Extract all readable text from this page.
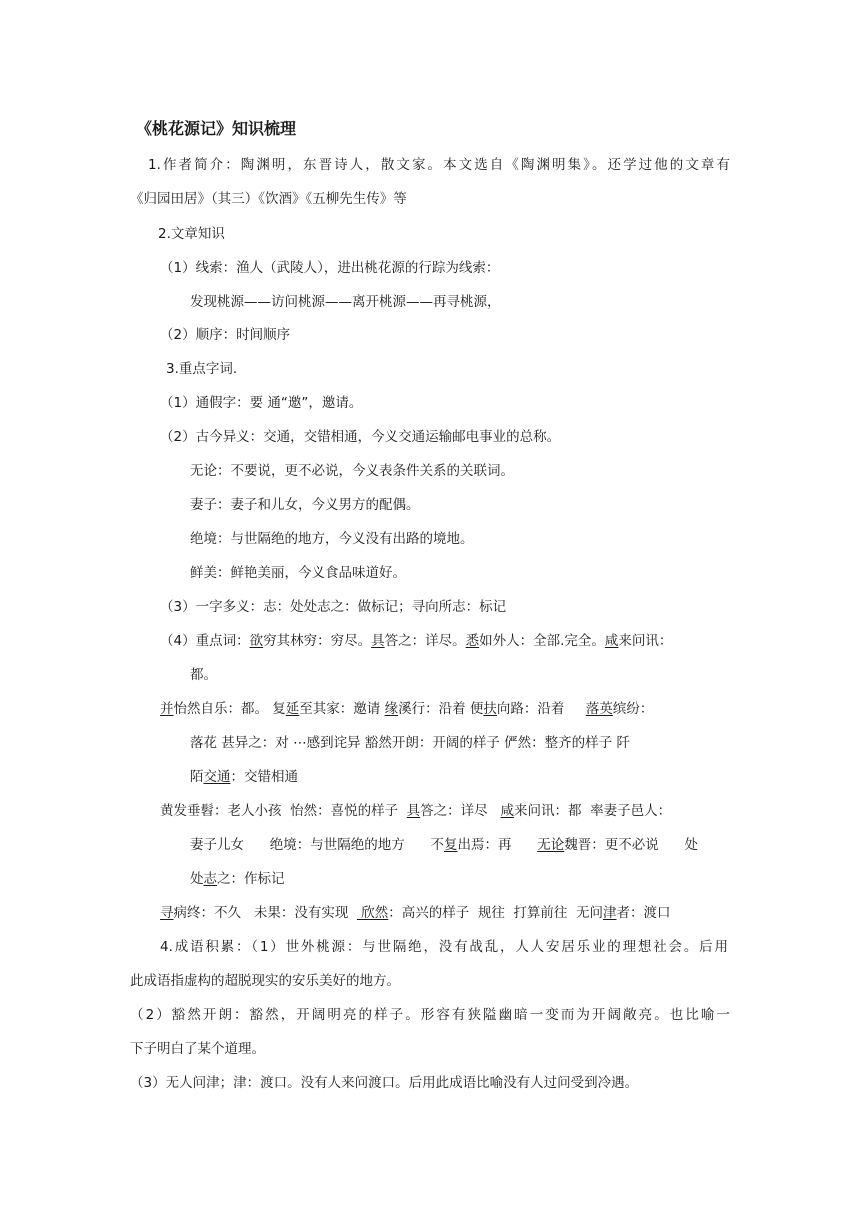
《桃花源记》知识梳理
1.作者简介：陶渊明，东晋诗人，散文家。本文选自《陶渊明集》。还学过他的文章有
《归园田居》（其三）《饮酒》《五柳先生传》等
2.文章知识
（1）线索：渔人（武陵人），进出桃花源的行踪为线索：
发现桃源——访问桃源——离开桃源——再寻桃源，
（2）顺序：时间顺序
3.重点字词.
（1）通假字：要 通“邀”，邀请。
（2）古今异义：交通，交错相通，今义交通运输邮电事业的总称。
无论：不要说，更不必说，今义表条件关系的关联词。
妻子：妻子和儿女，今义男方的配偶。
绝境：与世隔绝的地方，今义没有出路的境地。
鲜美：鲜艳美丽，今义食品味道好。
（3）一字多义：志：处处志之：做标记；寻向所志：标记
（4）重点词：欲穷其林穷：穷尽。具答之：详尽。悉如外人：全部.完全。咸来问讯：
都。
并怡然自乐：都。 复延至其家：邀请 缘溪行：沿着 便扶向路：沿着     落英缤纷：
落花 甚异之：对 ⋯感到诧异 豁然开朗：开阔的样子 俨然：整齐的样子 阡
陌交通：交错相通
黄发垂髫：老人小孩  怡然：喜悦的样子  具答之：详尽   咸来问讯：都  率妻子邑人：
妻子儿女      绝境：与世隔绝的地方      不复出焉：再      无论魏晋：更不必说      处
处志之：作标记
寻病终：不久   未果：没有实现   欣然：高兴的样子  规往  打算前往  无问津者：渡口
4.成语积累：（1）世外桃源：与世隔绝，没有战乱，人人安居乐业的理想社会。后用
此成语指虚构的超脱现实的安乐美好的地方。
（2）豁然开朗：豁然，开阔明亮的样子。形容有狭隘幽暗一变而为开阔敞亮。也比喻一
下子明白了某个道理。
（3）无人问津；津：渡口。没有人来问渡口。后用此成语比喻没有人过问受到冷遇。
